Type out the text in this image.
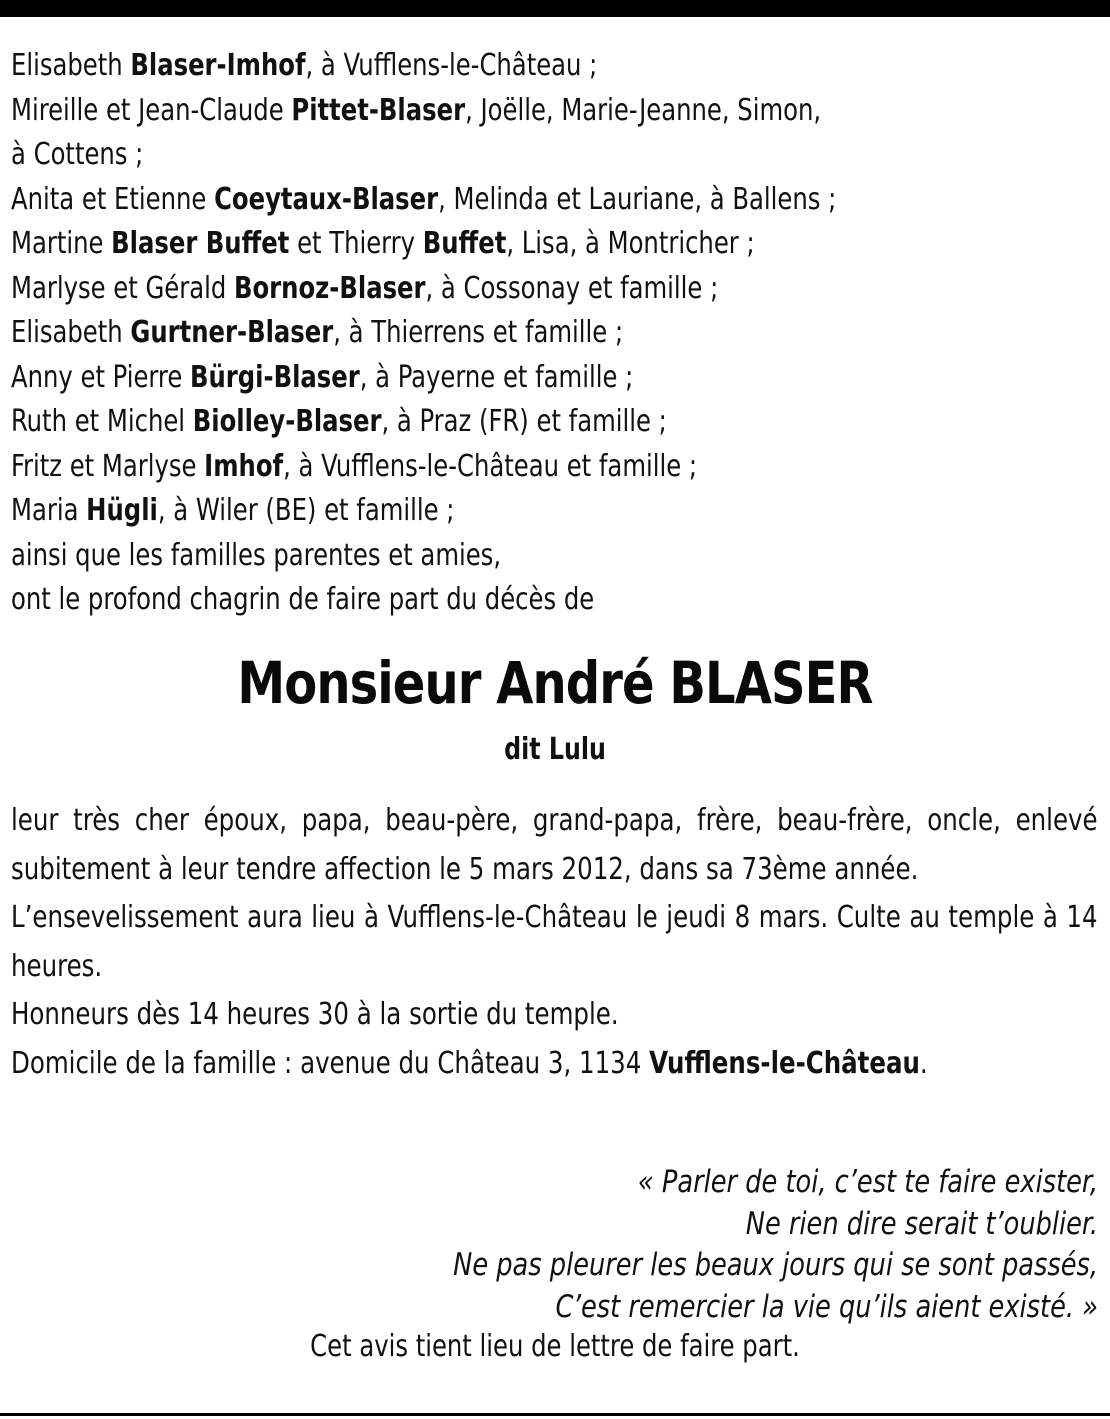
Elisabeth Blaser-Imhof, à Vufflens-le-Château ;
Mireille et Jean-Claude Pittet-Blaser, Joëlle, Marie-Jeanne, Simon,
à Cottens ;
Anita et Etienne Coeytaux-Blaser, Melinda et Lauriane, à Ballens ;
Martine Blaser Buffet et Thierry Buffet, Lisa, à Montricher ;
Marlyse et Gérald Bornoz-Blaser, à Cossonay et famille ;
Elisabeth Gurtner-Blaser, à Thierrens et famille ;
Anny et Pierre Bürgi-Blaser, à Payerne et famille ;
Ruth et Michel Biolley-Blaser, à Praz (FR) et famille ;
Fritz et Marlyse Imhof, à Vufflens-le-Château et famille ;
Maria Hügli, à Wiler (BE) et famille ;
ainsi que les familles parentes et amies,
ont le profond chagrin de faire part du décès de
Monsieur André BLASER
dit Lulu

leur très cher époux, papa, beau-père, grand-papa, frère, beau-frère, oncle, enlevé subitement à leur tendre affection le 5 mars 2012, dans sa 73ème année.

L’ensevelissement aura lieu à Vufflens-le-Château le jeudi 8 mars. Culte au temple à 14 heures.

Honneurs dès 14 heures 30 à la sortie du temple.

Domicile de la famille : avenue du Château 3, 1134 Vufflens-le-Château.

« Parler de toi, c’est te faire exister,
Ne rien dire serait t’oublier.
Ne pas pleurer les beaux jours qui se sont passés,
C’est remercier la vie qu’ils aient existé. »
Cet avis tient lieu de lettre de faire part.
